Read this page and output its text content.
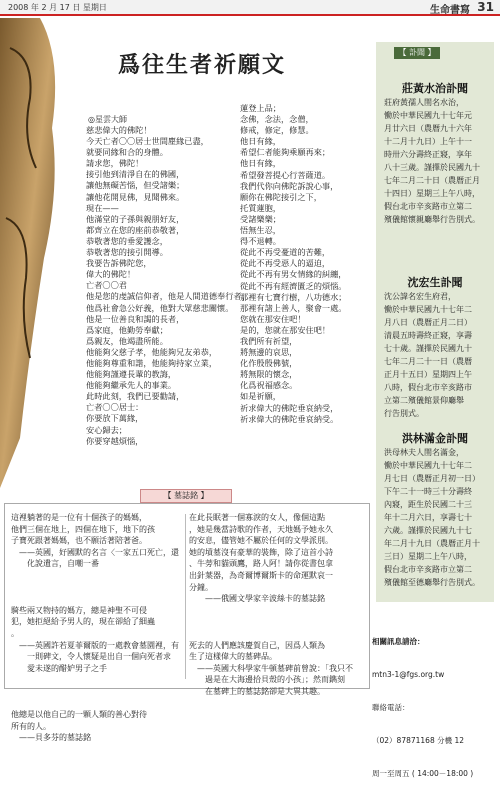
2008 年 2 月 17 日 星期日	生命書寫 31
爲往生者祈願文
◎星雲大師
慈悲偉大的佛陀！
今天亡者〇〇居士世間塵緣已盡，
就要同緣和合的身體。
請求您，佛陀！
接引他到清淨自在的佛國，
讓他無礙苦惱，但受諸樂；
讓他花開見佛，見聞佛來。
現在——
他滿堂的子孫與親朋好友，
都齊立在您的座前恭敬著，
恭敬著您的垂愛護念，
恭敬著您的接引開導。
我要告訴佛陀您，
偉大的佛陀！
亡者〇〇君
他是您的虔誠信仰者，他是人間道德奉行者，
他爲社會急公好義，他對大眾慈悲關懷。
他是一位善良和謁的長者，
爲家庭，他勤勞奉獻；
爲親友，他竭盡所能。
他能夠父慈子孝，他能夠兄友弟恭，
他能夠尊重和諧，他能夠持家立業，
他能夠謹遵長輩的教誨，
他能夠繼承先人的事業。
此時此刻，我們已要勸請，
亡者〇〇居士：
你要放下萬緣，
安心歸去；
你要穿越煩惱，
蓮登上品；
念佛，念法，念僧，
修戒，修定，修慧。
他日有緣，
希望仁者能夠乘願再來；
他日有緣，
希望發菩提心行菩薩道。
我們代你向佛陀訴說心事，
願你在佛陀接引之下，
托質蓮胞，
受諸樂樂；
悟無生忍，
得不退轉。
從此不再受憂道的苦難，
從此不再受惡人的逼迫，
從此不再有男女情緣的糾纏，
從此不再有經濟匱乏的煩惱。
那裡有七寶行樹，八功德水；
那裡有諸上善人，聚會一處。
您就在那安住吧！
是的，您就在那安住吧！
我們所有祈望，
將無邊的哀思，
化作殷殷佛號，
將無限的懷念，
化爲祝福感念。
如是祈願，
祈求偉大的佛陀垂哀納受，
祈求偉大的佛陀垂哀納受。
【 訃聞 】
莊黃水治訃聞
莊府黃孺人閨名水治，
慟於中華民國九十七年元
月廿六日（農曆九十六年
十二月十九日）上午十一
時卅六分壽終正寢，享年
八十三歲。謹擇於民國九十
七年二月二十日（農曆正月
十四日）星期三上午八時，
假台北市辛亥路市立第二
殯儀館懷親廳舉行告別式。
沈宏生訃聞
沈公諱名宏生府君，
慟於中華民國九十七年二
月八日（農曆正月二日）
清晨五時壽終正寢，享壽
七十歲。謹擇於民國九十
七年二月二十一日（農曆
正月十五日）星期四上午
八時，假台北市辛亥路市
立第二殯儀館景仰廳舉
行告別式。
洪林滿金訃聞
洪母林夫人閨名滿金，
慟於中華民國九十七年二
月七日（農曆正月初一日）
下午二十一時三十分壽終
內寢，距生於民國二十三
年十二月六日，享壽七十
六歲。謹擇於民國九十七
年二月十九日（農曆正月十
三日）星期二上午八時，
假台北市辛亥路市立第二
殯儀館至德廳舉行告別式。

相關訊息請洽：

mtn3-1@fgs.org.tw

聯絡電話：

（02）87871168 分機 12

周一至周五 ( 14:00－18:00 )

【 墓誌銘 】
這裡躺著的是一位有十個孩子的媽媽，
他們三個在地上，四個在地下，地下的孩
子寶死跟著媽媽，也不願活著陪著爸。
　——英國，好國默的名言〈一家五口死亡，還
　　化說遺言，自嘲一番

騎些兩又物持的媽方，總是神聖不可侵
犯，她拒絕給予男人的，現在卻給了細蟲
。
　——英國許若夏菲爾版的一處教會墓園裡，有
　　一則碑文，令人懷疑是出自一個向死者求
　　愛未遂的醋妒男子之手

他總是以他自己的一顆人類的善心對待
所有的人。
　——貝多芬的墓誌銘
在此長眠著一個寡淚的女人，像個這點
，她是幾當詩歌的作者，天地媽予她永久
的安息，儘管她不屬於任何的文學派別。
她的墳墓沒有豪華的裝飾，除了這首小詩
、牛蒡和貓頭鷹，路人阿！請你從書包拿
出針葉器，為奇爾博爾斯卡的命運默哀一
分鐘。
　　——俄國文學家辛波絲卡的墓誌銘

死去的人們應該慶賀自己，因爲人類為
生了這樣偉大的墓碑品。
　——英國大科學家牛頓墓碑前曾說：「我只不
　　過是在大海邊拾貝殼的小孩」；然而鐫刻
　　在墓碑上的墓誌銘卻是大異其趣。
